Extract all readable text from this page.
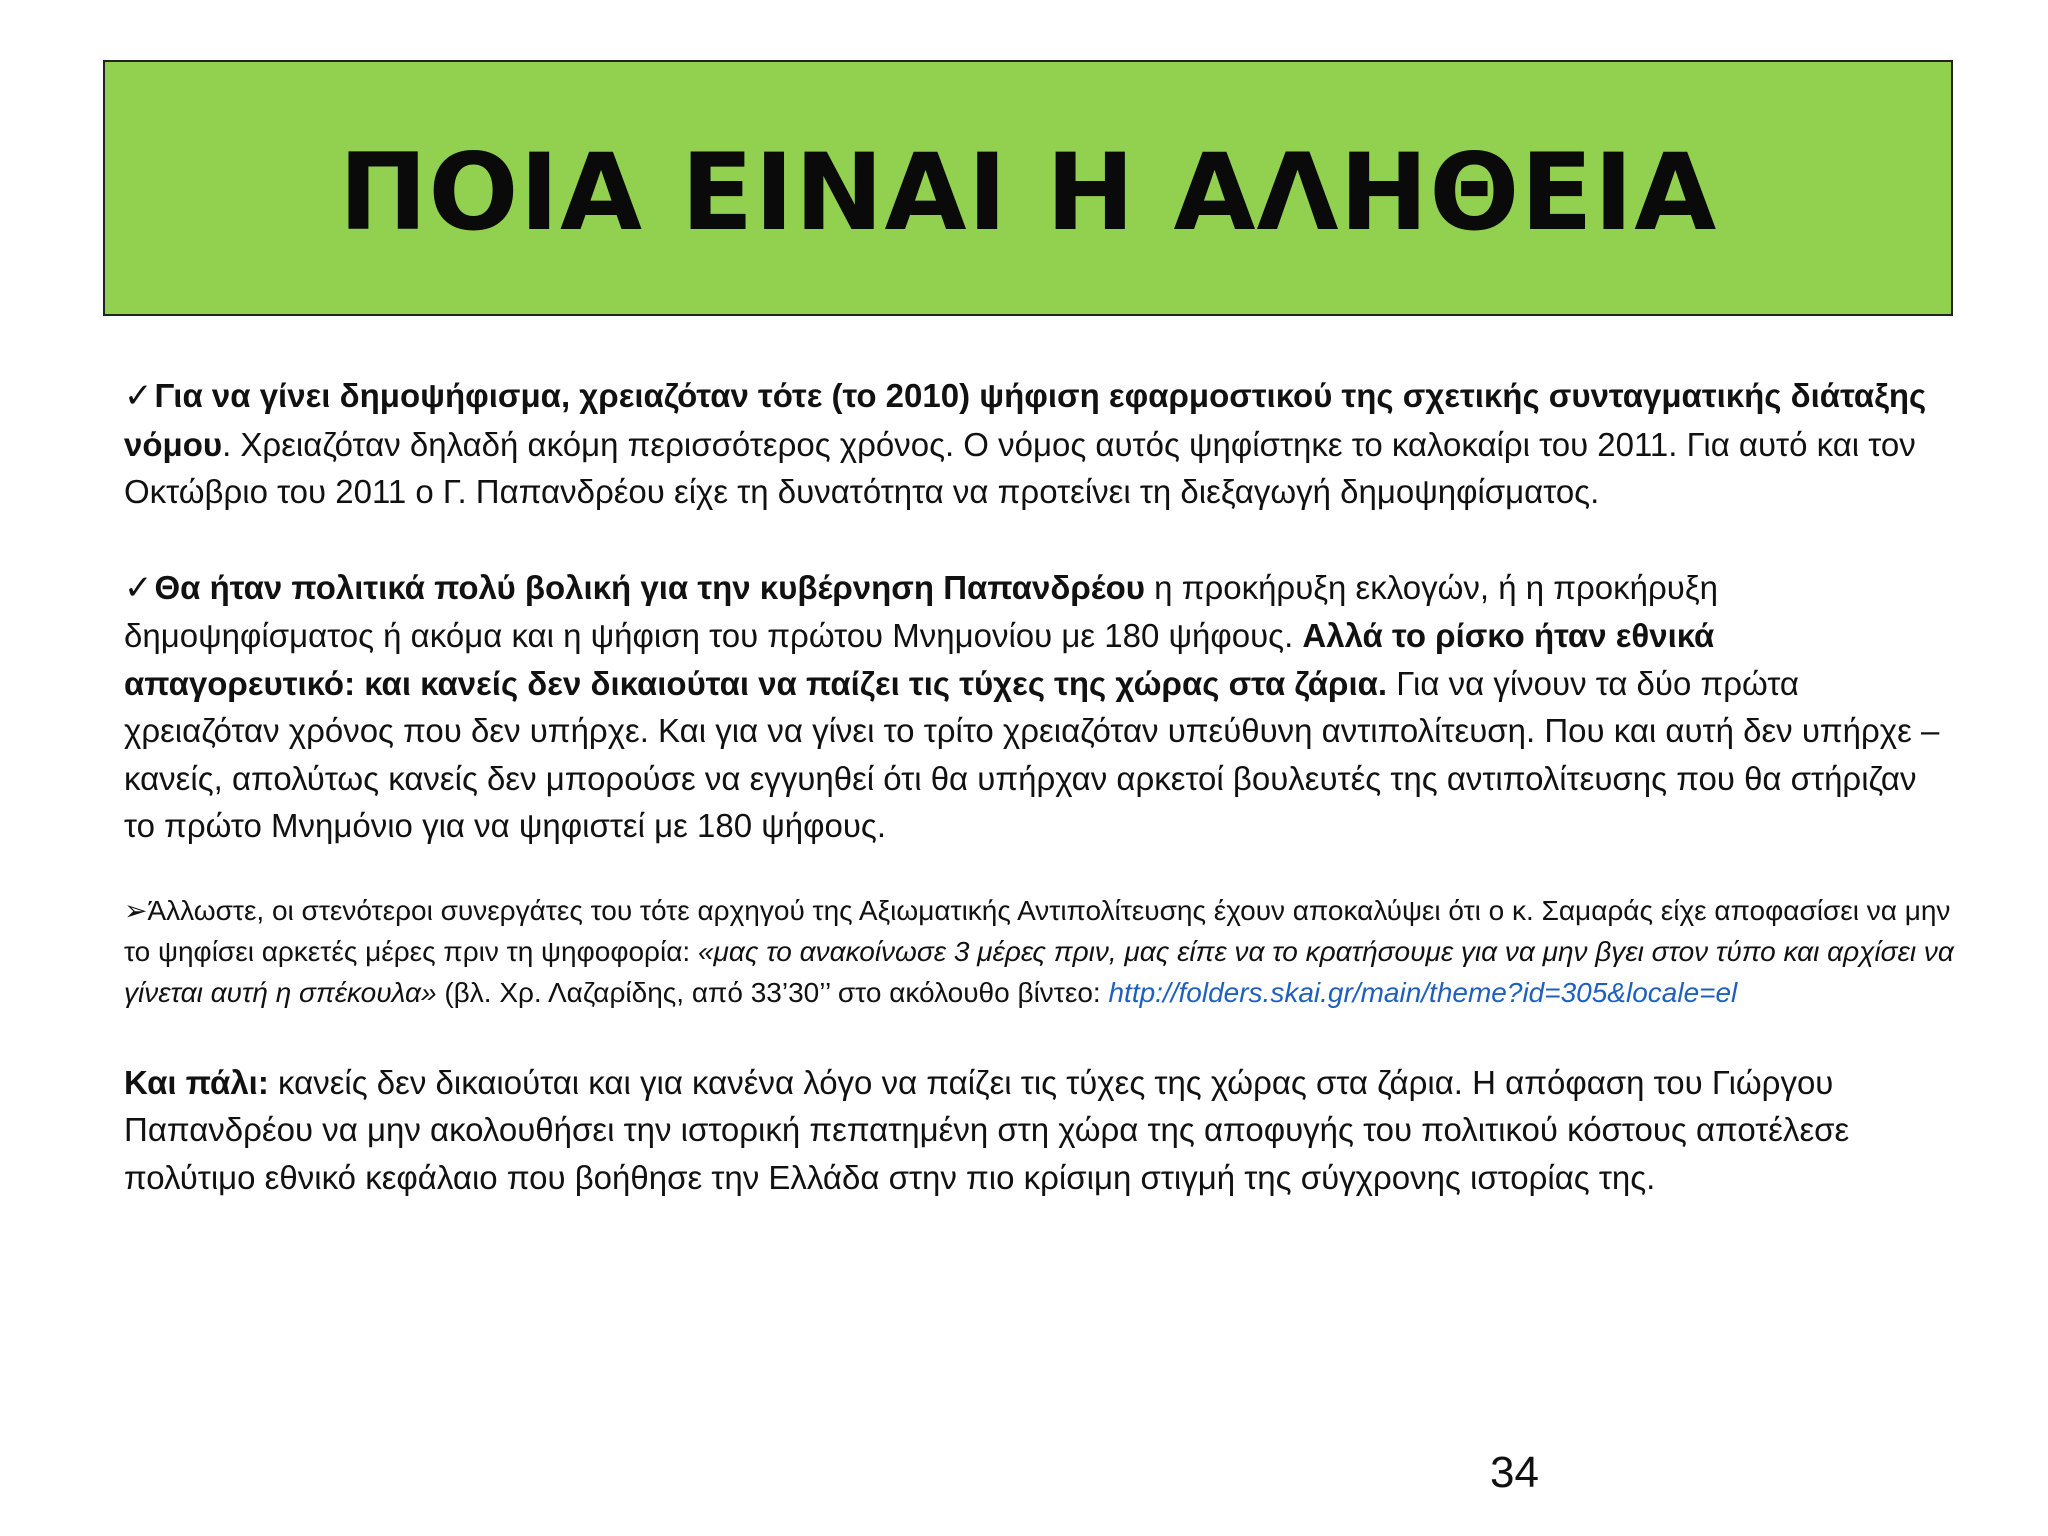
ΠΟΙΑ ΕΙΝΑΙ Η ΑΛΗΘΕΙΑ

✓Για να γίνει δημοψήφισμα, χρειαζόταν τότε (το 2010) ψήφιση εφαρμοστικού της σχετικής συνταγματικής διάταξης νόμου. Χρειαζόταν δηλαδή ακόμη περισσότερος χρόνος. Ο νόμος αυτός ψηφίστηκε το καλοκαίρι του 2011. Για αυτό και τον Οκτώβριο του 2011 ο Γ. Παπανδρέου είχε τη δυνατότητα να προτείνει τη διεξαγωγή δημοψηφίσματος.

✓Θα ήταν πολιτικά πολύ βολική για την κυβέρνηση Παπανδρέου η προκήρυξη εκλογών, ή η προκήρυξη δημοψηφίσματος ή ακόμα και η ψήφιση του πρώτου Μνημονίου με 180 ψήφους. Αλλά το ρίσκο ήταν εθνικά απαγορευτικό: και κανείς δεν δικαιούται να παίζει τις τύχες της χώρας στα ζάρια. Για να γίνουν τα δύο πρώτα χρειαζόταν χρόνος που δεν υπήρχε. Και για να γίνει το τρίτο χρειαζόταν υπεύθυνη αντιπολίτευση. Που και αυτή δεν υπήρχε – κανείς, απολύτως κανείς δεν μπορούσε να εγγυηθεί ότι θα υπήρχαν αρκετοί βουλευτές της αντιπολίτευσης που θα στήριζαν το πρώτο Μνημόνιο για να ψηφιστεί με 180 ψήφους.

➢Άλλωστε, οι στενότεροι συνεργάτες του τότε αρχηγού της Αξιωματικής Αντιπολίτευσης έχουν αποκαλύψει ότι ο κ. Σαμαράς είχε αποφασίσει να μην το ψηφίσει αρκετές μέρες πριν τη ψηφοφορία: «μας το ανακοίνωσε 3 μέρες πριν, μας είπε να το κρατήσουμε για να μην βγει στον τύπο και αρχίσει να γίνεται αυτή η σπέκουλα» (βλ. Χρ. Λαζαρίδης, από 33’30’’ στο ακόλουθο βίντεο: http://folders.skai.gr/main/theme?id=305&locale=el

Και πάλι: κανείς δεν δικαιούται και για κανένα λόγο να παίζει τις τύχες της χώρας στα ζάρια. Η απόφαση του Γιώργου Παπανδρέου να μην ακολουθήσει την ιστορική πεπατημένη στη χώρα της αποφυγής του πολιτικού κόστους αποτέλεσε πολύτιμο εθνικό κεφάλαιο που βοήθησε την Ελλάδα στην πιο κρίσιμη στιγμή της σύγχρονης ιστορίας της.

34
